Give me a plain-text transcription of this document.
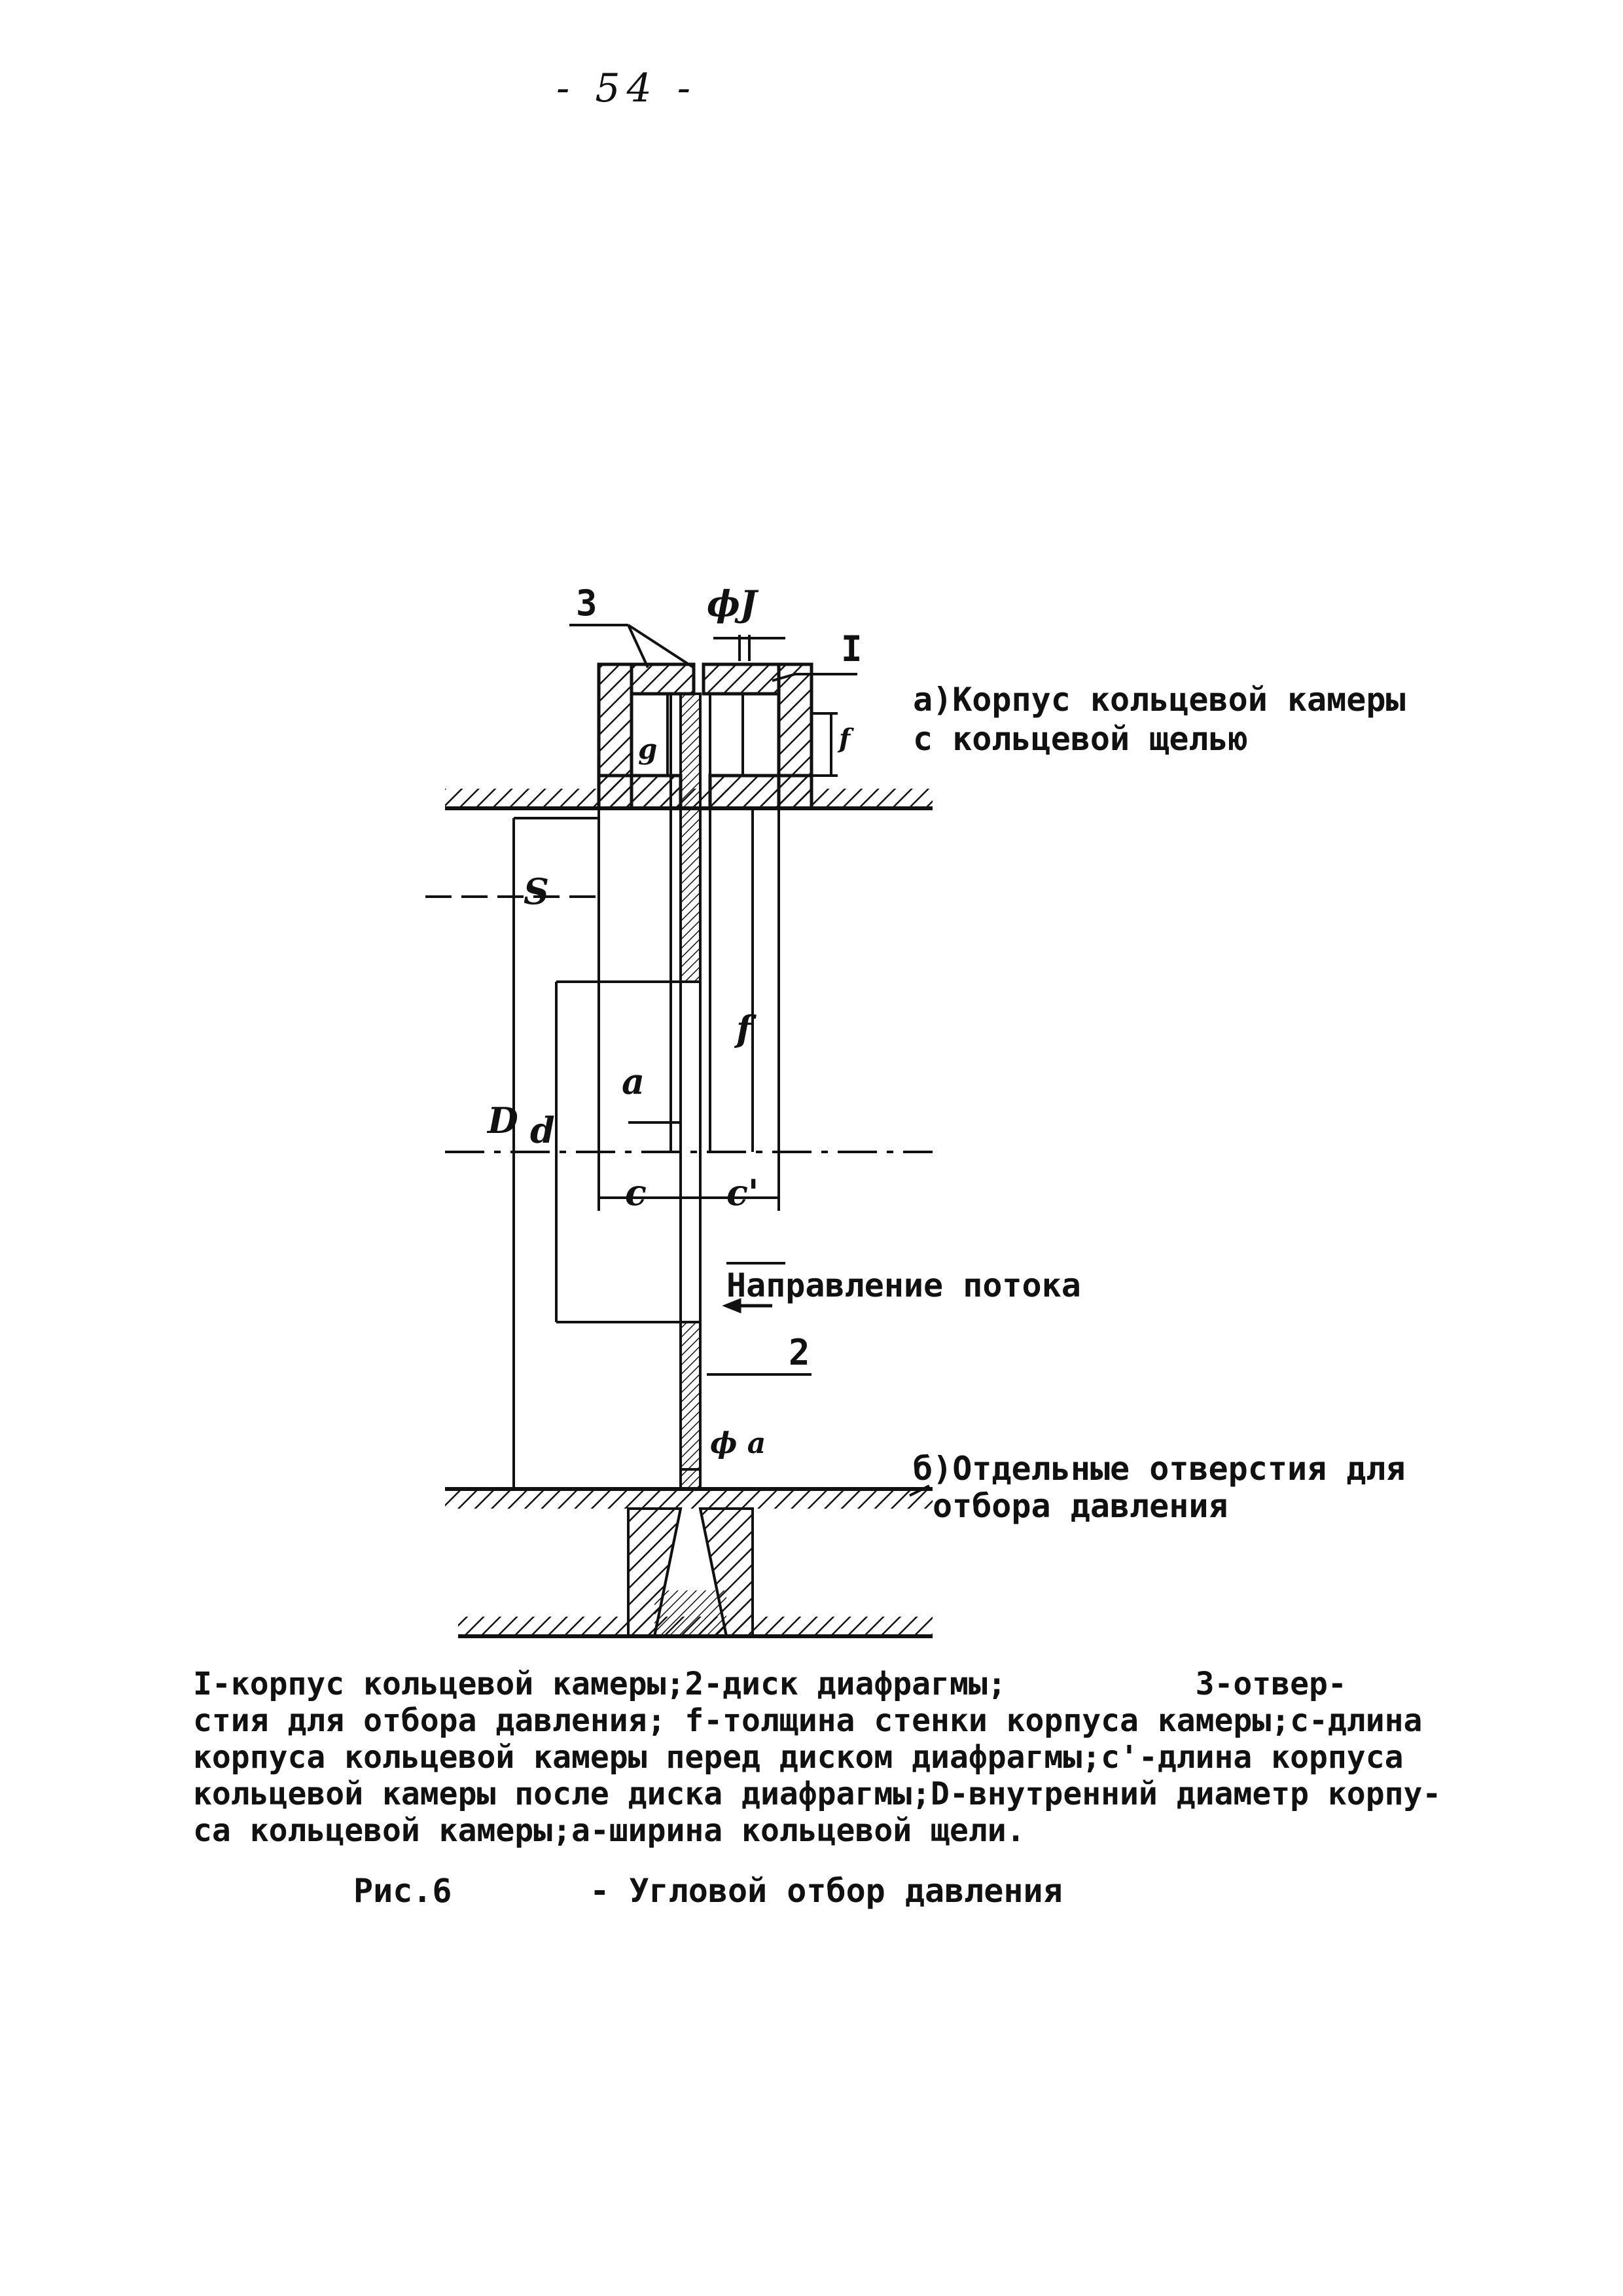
- 54 -
а)Корпус кольцевой камеры
с кольцевой щелью
Направление потока
б)Отдельные отверстия для
отбора давления
3
I
2
ϕJ
f
g
S
a
D d
f
c c'
ϕ a
I-корпус кольцевой камеры;2-диск диафрагмы;          3-отвер-
стия для отбора давления; f-толщина стенки корпуса камеры;с-длина
корпуса кольцевой камеры перед диском диафрагмы;с'-длина корпуса
кольцевой камеры после диска диафрагмы;D-внутренний диаметр корпу-
са кольцевой камеры;а-ширина кольцевой щели.
Рис.6       - Угловой отбор давления
